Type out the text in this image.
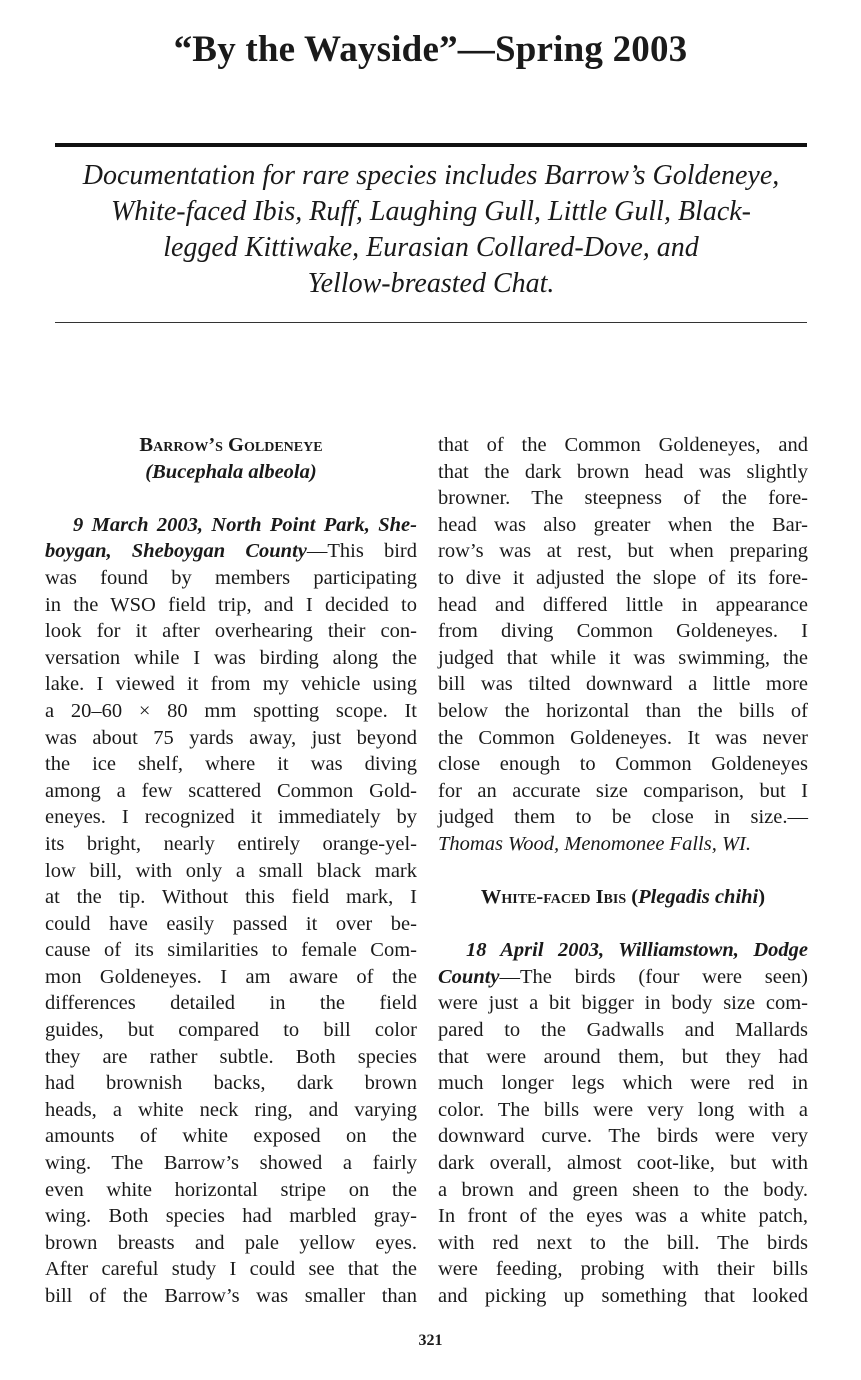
“By the Wayside”—Spring 2003
Documentation for rare species includes Barrow’s Goldeneye,
White-faced Ibis, Ruff, Laughing Gull, Little Gull, Black-
legged Kittiwake, Eurasian Collared-Dove, and
Yellow-breasted Chat.
Barrow’s Goldeneye
(Bucephala albeola)
9 March 2003, North Point Park, She-
boygan, Sheboygan County—This bird
was found by members participating
in the WSO field trip, and I decided to
look for it after overhearing their con-
versation while I was birding along the
lake. I viewed it from my vehicle using
a 20–60 × 80 mm spotting scope. It
was about 75 yards away, just beyond
the ice shelf, where it was diving
among a few scattered Common Gold-
eneyes. I recognized it immediately by
its bright, nearly entirely orange-yel-
low bill, with only a small black mark
at the tip. Without this field mark, I
could have easily passed it over be-
cause of its similarities to female Com-
mon Goldeneyes. I am aware of the
differences detailed in the field
guides, but compared to bill color
they are rather subtle. Both species
had brownish backs, dark brown
heads, a white neck ring, and varying
amounts of white exposed on the
wing. The Barrow’s showed a fairly
even white horizontal stripe on the
wing. Both species had marbled gray-
brown breasts and pale yellow eyes.
After careful study I could see that the
bill of the Barrow’s was smaller than
that of the Common Goldeneyes, and
that the dark brown head was slightly
browner. The steepness of the fore-
head was also greater when the Bar-
row’s was at rest, but when preparing
to dive it adjusted the slope of its fore-
head and differed little in appearance
from diving Common Goldeneyes. I
judged that while it was swimming, the
bill was tilted downward a little more
below the horizontal than the bills of
the Common Goldeneyes. It was never
close enough to Common Goldeneyes
for an accurate size comparison, but I
judged them to be close in size.—
Thomas Wood, Menomonee Falls, WI.
White-faced Ibis (Plegadis chihi)
18 April 2003, Williamstown, Dodge
County—The birds (four were seen)
were just a bit bigger in body size com-
pared to the Gadwalls and Mallards
that were around them, but they had
much longer legs which were red in
color. The bills were very long with a
downward curve. The birds were very
dark overall, almost coot-like, but with
a brown and green sheen to the body.
In front of the eyes was a white patch,
with red next to the bill. The birds
were feeding, probing with their bills
and picking up something that looked
321
